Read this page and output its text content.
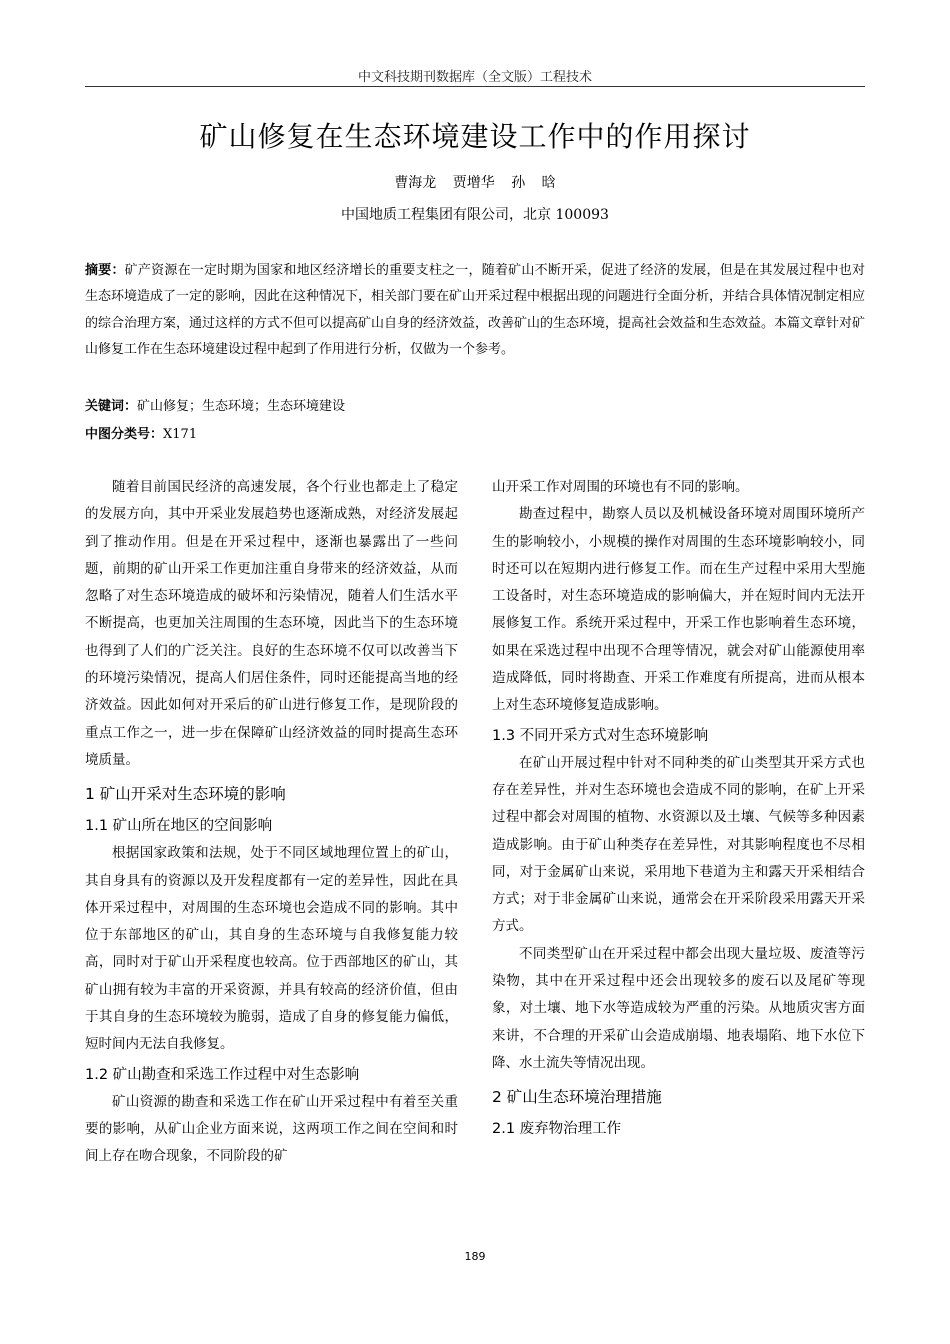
中文科技期刊数据库（全文版）工程技术
矿山修复在生态环境建设工作中的作用探讨
曹海龙 贾增华 孙 晗
中国地质工程集团有限公司，北京 100093
摘要：矿产资源在一定时期为国家和地区经济增长的重要支柱之一，随着矿山不断开采，促进了经济的发展，但是在其发展过程中也对生态环境造成了一定的影响，因此在这种情况下，相关部门要在矿山开采过程中根据出现的问题进行全面分析，并结合具体情况制定相应的综合治理方案，通过这样的方式不但可以提高矿山自身的经济效益，改善矿山的生态环境，提高社会效益和生态效益。本篇文章针对矿山修复工作在生态环境建设过程中起到了作用进行分析，仅做为一个参考。
关键词：矿山修复；生态环境；生态环境建设
中图分类号：X171

随着目前国民经济的高速发展，各个行业也都走上了稳定的发展方向，其中开采业发展趋势也逐渐成熟，对经济发展起到了推动作用。但是在开采过程中，逐渐也暴露出了一些问题，前期的矿山开采工作更加注重自身带来的经济效益，从而忽略了对生态环境造成的破坏和污染情况，随着人们生活水平不断提高，也更加关注周围的生态环境，因此当下的生态环境也得到了人们的广泛关注。良好的生态环境不仅可以改善当下的环境污染情况，提高人们居住条件，同时还能提高当地的经济效益。因此如何对开采后的矿山进行修复工作，是现阶段的重点工作之一，进一步在保障矿山经济效益的同时提高生态环境质量。

1 矿山开采对生态环境的影响
1.1 矿山所在地区的空间影响

根据国家政策和法规，处于不同区域地理位置上的矿山，其自身具有的资源以及开发程度都有一定的差异性，因此在具体开采过程中，对周围的生态环境也会造成不同的影响。其中位于东部地区的矿山，其自身的生态环境与自我修复能力较高，同时对于矿山开采程度也较高。位于西部地区的矿山，其矿山拥有较为丰富的开采资源，并具有较高的经济价值，但由于其自身的生态环境较为脆弱，造成了自身的修复能力偏低，短时间内无法自我修复。

1.2 矿山勘查和采选工作过程中对生态影响

矿山资源的勘查和采选工作在矿山开采过程中有着至关重要的影响，从矿山企业方面来说，这两项工作之间在空间和时间上存在吻合现象，不同阶段的矿

山开采工作对周围的环境也有不同的影响。

勘查过程中，勘察人员以及机械设备环境对周围环境所产生的影响较小，小规模的操作对周围的生态环境影响较小，同时还可以在短期内进行修复工作。而在生产过程中采用大型施工设备时，对生态环境造成的影响偏大，并在短时间内无法开展修复工作。系统开采过程中，开采工作也影响着生态环境，如果在采选过程中出现不合理等情况，就会对矿山能源使用率造成降低，同时将勘查、开采工作难度有所提高，进而从根本上对生态环境修复造成影响。

1.3 不同开采方式对生态环境影响

在矿山开展过程中针对不同种类的矿山类型其开采方式也存在差异性，并对生态环境也会造成不同的影响，在矿上开采过程中都会对周围的植物、水资源以及土壤、气候等多种因素造成影响。由于矿山种类存在差异性，对其影响程度也不尽相同，对于金属矿山来说，采用地下巷道为主和露天开采相结合方式；对于非金属矿山来说，通常会在开采阶段采用露天开采方式。

不同类型矿山在开采过程中都会出现大量垃圾、废渣等污染物，其中在开采过程中还会出现较多的废石以及尾矿等现象，对土壤、地下水等造成较为严重的污染。从地质灾害方面来讲，不合理的开采矿山会造成崩塌、地表塌陷、地下水位下降、水土流失等情况出现。

2 矿山生态环境治理措施
2.1 废弃物治理工作
189
